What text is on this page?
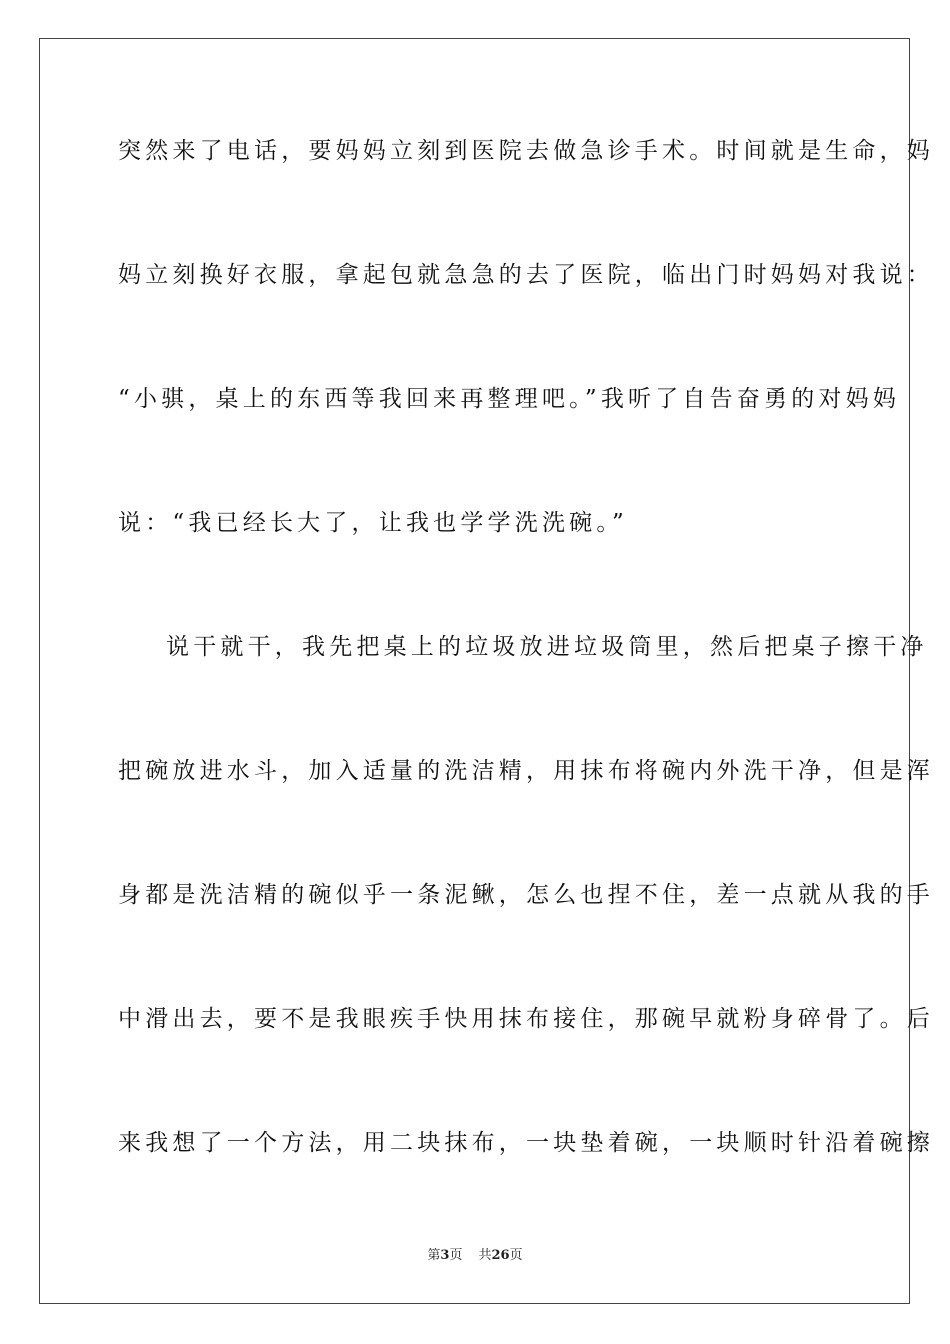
突然来了电话，要妈妈立刻到医院去做急诊手术。时间就是生命，妈
妈立刻换好衣服，拿起包就急急的去了医院，临出门时妈妈对我说：
“小骐，桌上的东西等我回来再整理吧。”我听了自告奋勇的对妈妈
说：“我已经长大了，让我也学学洗洗碗。”
说干就干，我先把桌上的垃圾放进垃圾筒里，然后把桌子擦干净
把碗放进水斗，加入适量的洗洁精，用抹布将碗内外洗干净，但是浑
身都是洗洁精的碗似乎一条泥鳅，怎么也捏不住，差一点就从我的手
中滑出去，要不是我眼疾手快用抹布接住，那碗早就粉身碎骨了。后
来我想了一个方法，用二块抹布，一块垫着碗，一块顺时针沿着碗擦
第3页 共26页
